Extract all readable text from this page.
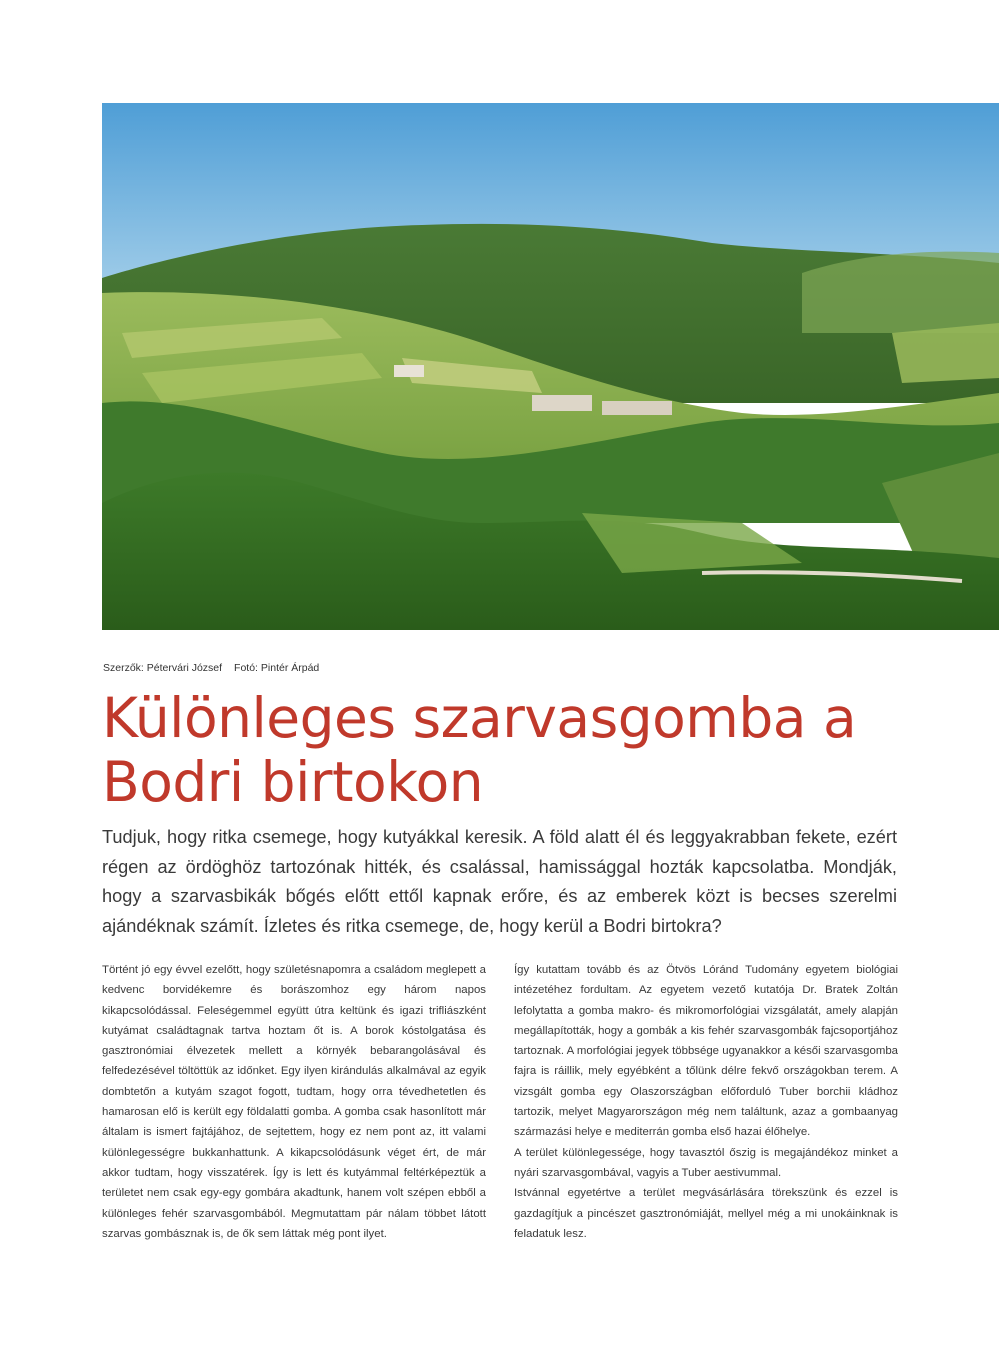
Szerzők: Pétervári József Fotó: Pintér Árpád
Különleges szarvasgomba a
Bodri birtokon

Tudjuk, hogy ritka csemege, hogy kutyákkal keresik. A föld alatt él és leggyakrabban fekete, ezért régen az ördöghöz tartozónak hitték, és csalással, hamissággal hozták kapcsolatba. Mondják, hogy a szarvasbikák bőgés előtt ettől kapnak erőre, és az emberek közt is becses szerelmi ajándéknak számít. Ízletes és ritka csemege, de, hogy kerül a Bodri birtokra?

Történt jó egy évvel ezelőtt, hogy születésnapomra a családom meglepett a kedvenc borvidékemre és borászomhoz egy három napos kikapcsolódással. Feleségemmel együtt útra keltünk és igazi trifliászként kutyámat családtagnak tartva hoztam őt is. A borok kóstolgatása és gasztronómiai élvezetek mellett a környék bebarangolásával és felfedezésével töltöttük az időnket. Egy ilyen kirándulás alkalmával az egyik dombtetőn a kutyám szagot fogott, tudtam, hogy orra tévedhetetlen és hamarosan elő is került egy földalatti gomba. A gomba csak hasonlított már általam is ismert fajtájához, de sejtettem, hogy ez nem pont az, itt valami különlegességre bukkanhattunk. A kikapcsolódásunk véget ért, de már akkor tudtam, hogy visszatérek. Így is lett és kutyámmal feltérképeztük a területet nem csak egy-egy gombára akadtunk, hanem volt szépen ebből a különleges fehér szarvasgombából. Megmutattam pár nálam többet látott szarvas gombásznak is, de ők sem láttak még pont ilyet.

Így kutattam tovább és az Ötvös Lóránd Tudomány egyetem biológiai intézetéhez fordultam. Az egyetem vezető kutatója Dr. Bratek Zoltán lefolytatta a gomba makro- és mikromorfológiai vizsgálatát, amely alapján megállapították, hogy a gombák a kis fehér szarvasgombák fajcsoportjához tartoznak. A morfológiai jegyek többsége ugyanakkor a késői szarvasgomba fajra is ráillik, mely egyébként a tőlünk délre fekvő országokban terem. A vizsgált gomba egy Olaszországban előforduló Tuber borchii kládhoz tartozik, melyet Magyarországon még nem találtunk, azaz a gombaanyag származási helye e mediterrán gomba első hazai élőhelye.

A terület különlegessége, hogy tavasztól őszig is megajándékoz minket a nyári szarvasgombával, vagyis a Tuber aestivummal.

Istvánnal egyetértve a terület megvásárlására törekszünk és ezzel is gazdagítjuk a pincészet gasztronómiáját, mellyel még a mi unokáinknak is feladatuk lesz.
